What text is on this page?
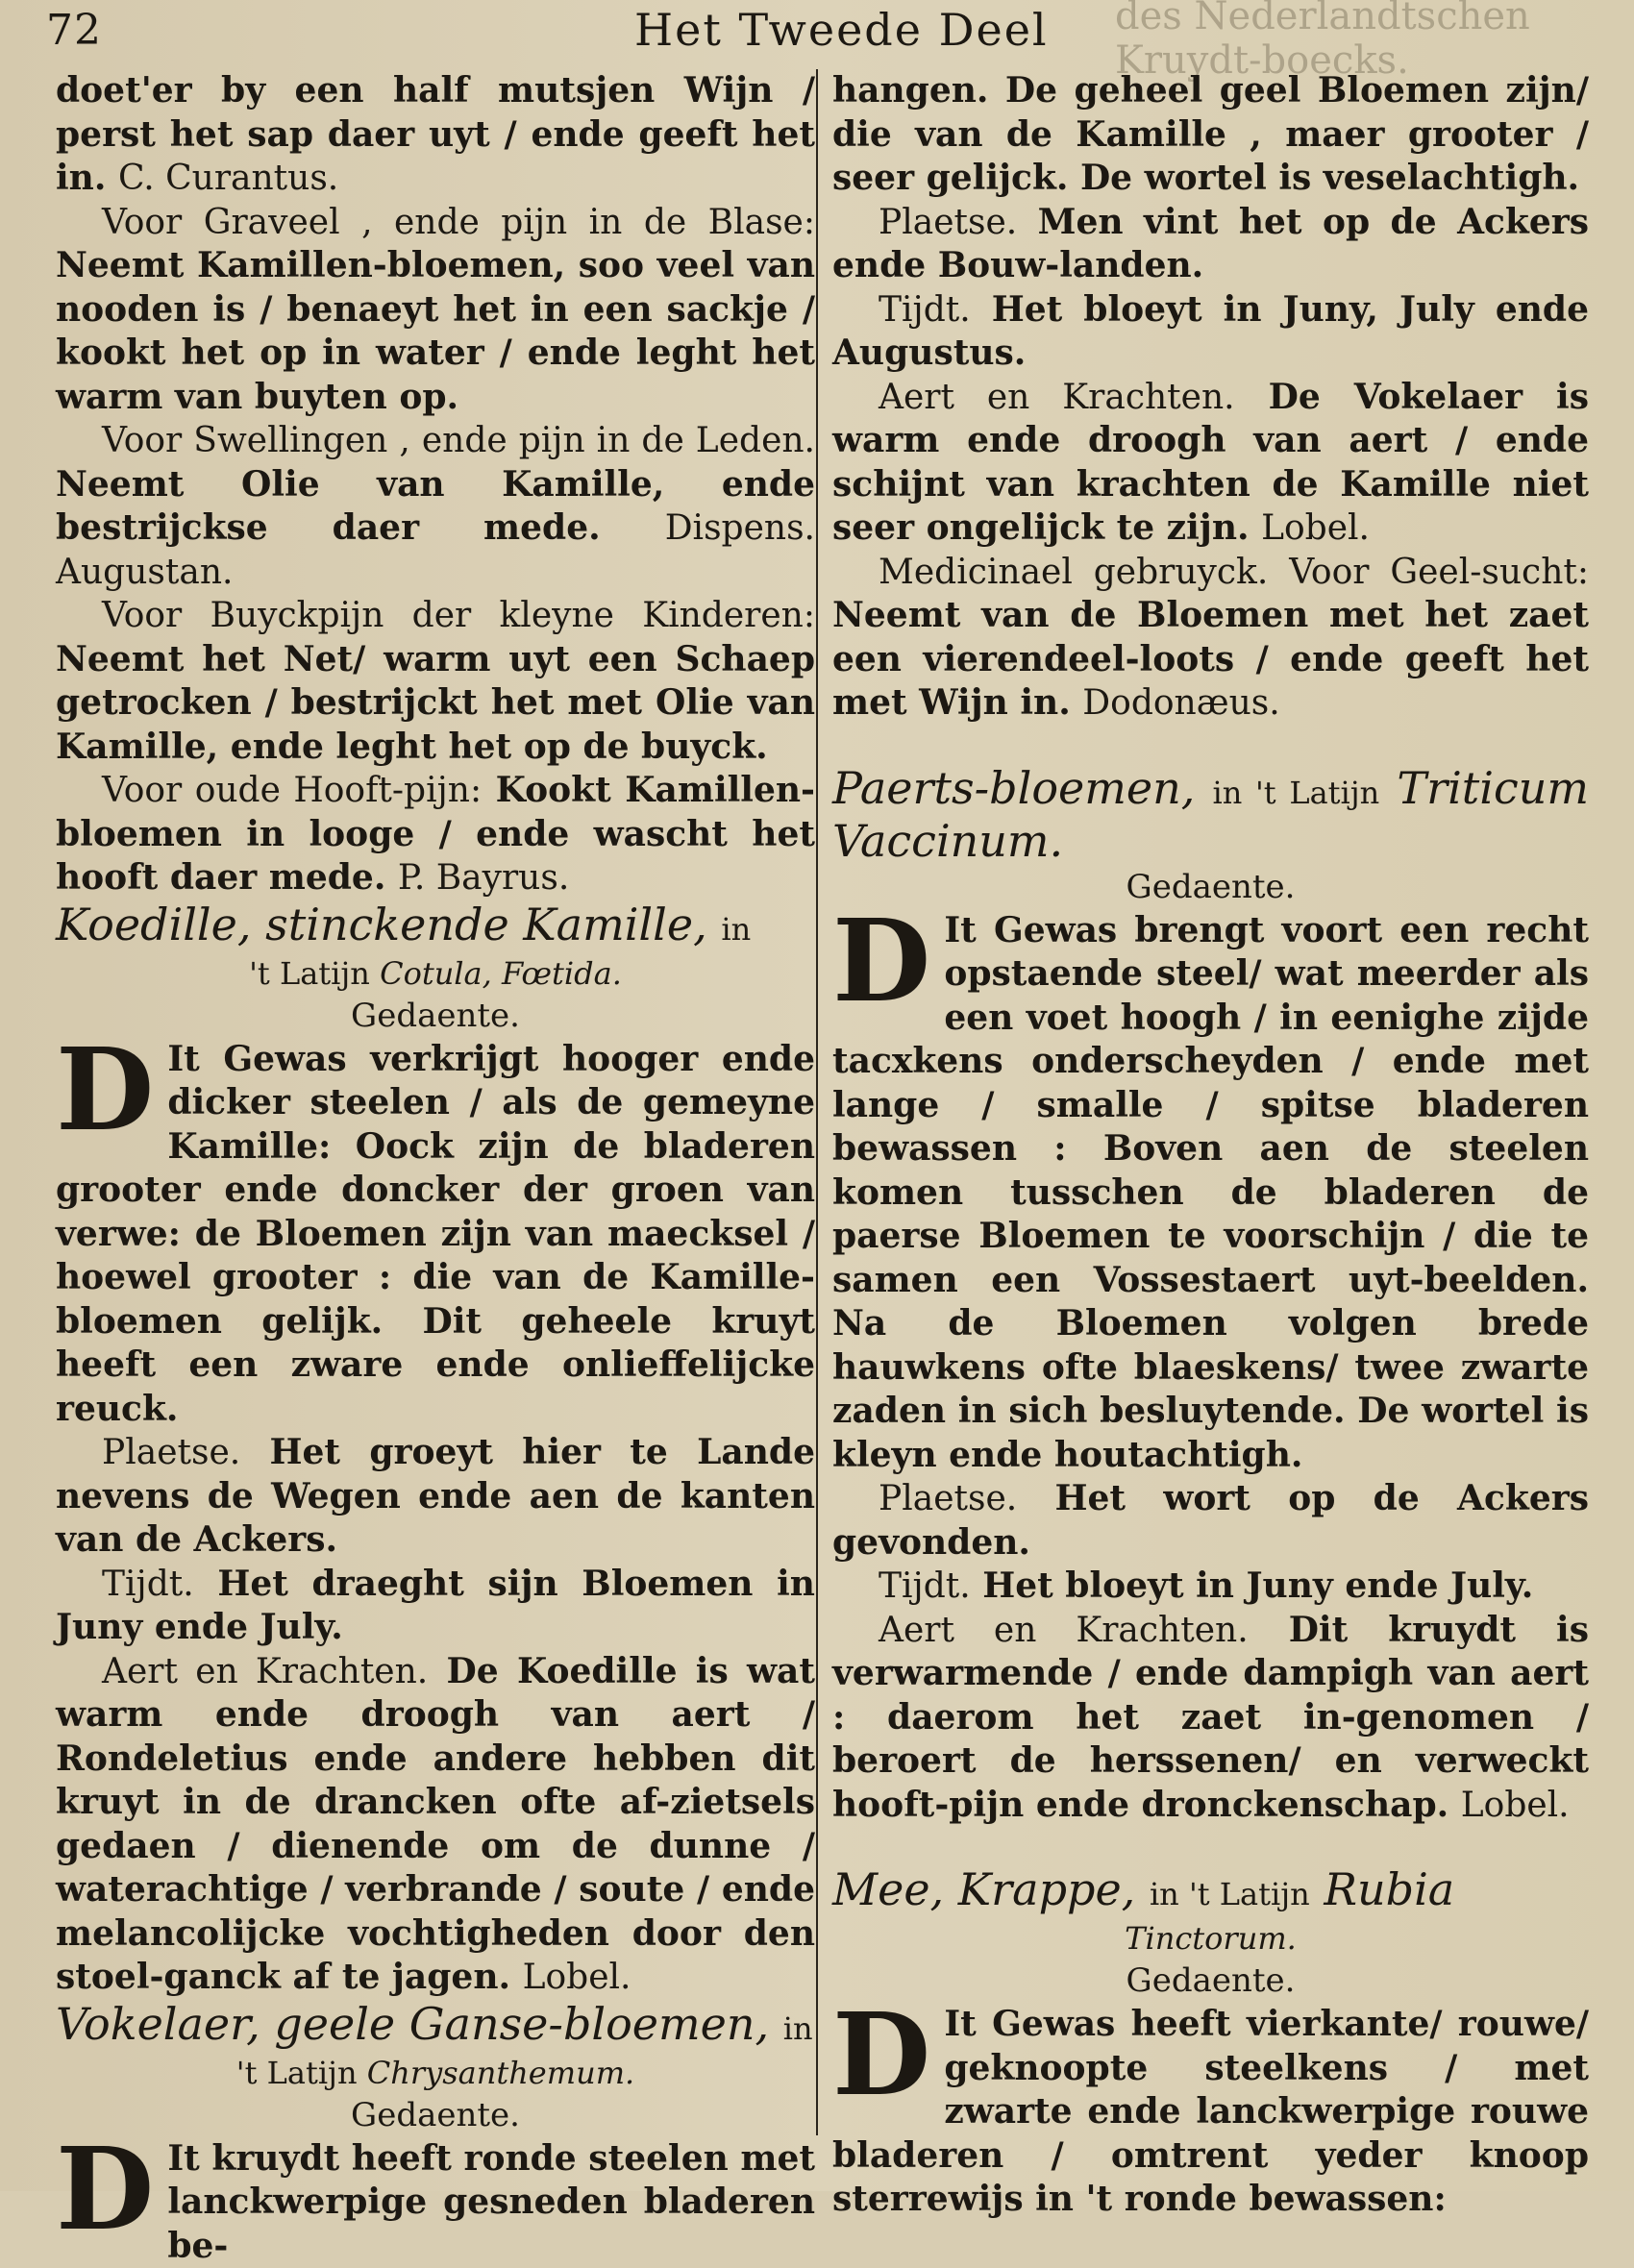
72	Het Tweede Deel des Nederlandtschen Kruydt-boecks.

doet'er by een half mutsjen Wijn / perst het sap daer uyt / ende geeft het in. C. Curantus.

Voor Graveel , ende pijn in de Blase: Neemt Kamillen-bloemen, soo veel van nooden is / benaeyt het in een sackje / kookt het op in water / ende leght het warm van buyten op.

Voor Swellingen , ende pijn in de Leden. Neemt Olie van Kamille, ende bestrijckse daer mede. Dispens. Augustan.

Voor Buyckpijn der kleyne Kinderen: Neemt het Net/ warm uyt een Schaep getrocken / bestrijckt het met Olie van Kamille, ende leght het op de buyck.

Voor oude Hooft-pijn: Kookt Kamillen-bloemen in looge / ende wascht het hooft daer mede. P. Bayrus.

Koedille, stinckende Kamille, in

't Latijn Cotula, Fœtida.

Gedaente.

D It Gewas verkrijgt hooger ende dicker steelen / als de gemeyne Kamille: Oock zijn de bladeren grooter ende doncker der groen van verwe: de Bloemen zijn van maecksel / hoewel grooter : die van de Kamille-bloemen gelijk. Dit geheele kruyt heeft een zware ende onlieffelijcke reuck.

Plaetse. Het groeyt hier te Lande nevens de Wegen ende aen de kanten van de Ackers.

Tijdt. Het draeght sijn Bloemen in Juny ende July.

Aert en Krachten. De Koedille is wat warm ende droogh van aert / Rondeletius ende andere hebben dit kruyt in de drancken ofte af-zietsels gedaen / dienende om de dunne / waterachtige / verbrande / soute / ende melancolijcke vochtigheden door den stoel-ganck af te jagen. Lobel.

Vokelaer, geele Ganse-bloemen, in

't Latijn Chrysanthemum.

Gedaente.

D It kruydt heeft ronde steelen met lanckwerpige gesneden bladeren be-

hangen. De geheel geel Bloemen zijn/ die van de Kamille , maer grooter / seer gelijck. De wortel is veselachtigh.

Plaetse. Men vint het op de Ackers ende Bouw-landen.

Tijdt. Het bloeyt in Juny, July ende Augustus.

Aert en Krachten. De Vokelaer is warm ende droogh van aert / ende schijnt van krachten de Kamille niet seer ongelijck te zijn. Lobel.

Medicinael gebruyck. Voor Geel-sucht: Neemt van de Bloemen met het zaet een vierendeel-loots / ende geeft het met Wijn in. Dodonæus.

Paerts-bloemen, in 't Latijn Triticum Vaccinum.

Gedaente.

D It Gewas brengt voort een recht opstaende steel/ wat meerder als een voet hoogh / in eenighe zijde tacxkens onderscheyden / ende met lange / smalle / spitse bladeren bewassen : Boven aen de steelen komen tusschen de bladeren de paerse Bloemen te voorschijn / die te samen een Vossestaert uyt-beelden. Na de Bloemen volgen brede hauwkens ofte blaeskens/ twee zwarte zaden in sich besluytende. De wortel is kleyn ende houtachtigh.

Plaetse. Het wort op de Ackers gevonden.

Tijdt. Het bloeyt in Juny ende July.

Aert en Krachten. Dit kruydt is verwarmende / ende dampigh van aert : daerom het zaet in-genomen / beroert de herssenen/ en verweckt hooft-pijn ende dronckenschap. Lobel.

Mee, Krappe, in 't Latijn Rubia

Tinctorum.

Gedaente.

D It Gewas heeft vierkante/ rouwe/ geknoopte steelkens / met zwarte ende lanckwerpige rouwe bladeren / omtrent yeder knoop sterrewijs in 't ronde bewassen:
